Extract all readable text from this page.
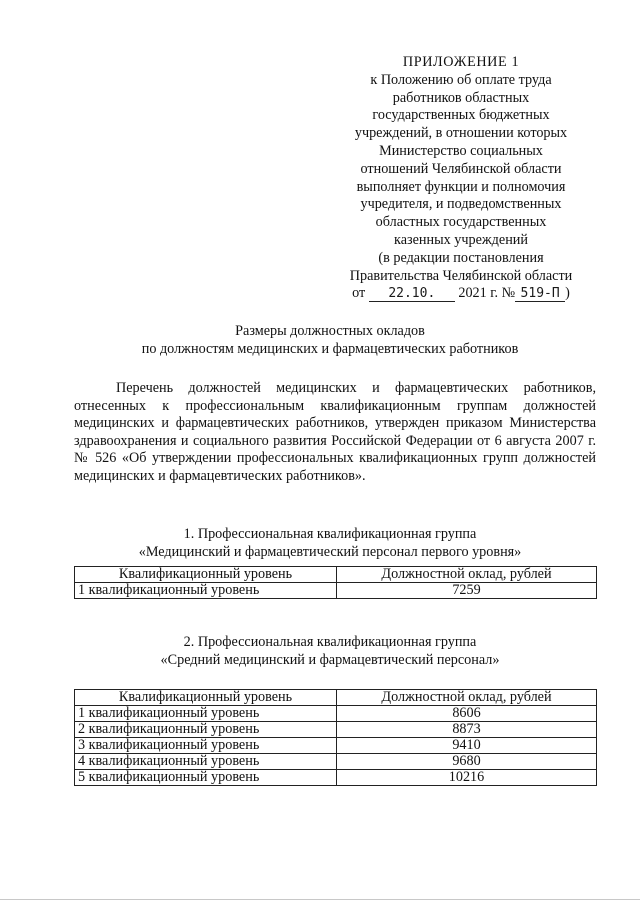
ПРИЛОЖЕНИЕ 1
к Положению об оплате труда
работников областных
государственных бюджетных
учреждений, в отношении которых
Министерство социальных
отношений Челябинской области
выполняет функции и полномочия
учредителя, и подведомственных
областных государственных
казенных учреждений
(в редакции постановления
Правительства Челябинской области
от 22.10. 2021 г. № 519-П )
Размеры должностных окладов
по должностям медицинских и фармацевтических работников
Перечень должностей медицинских и фармацевтических работников, отнесенных к профессиональным квалификационным группам должностей медицинских и фармацевтических работников, утвержден приказом Министерства здравоохранения и социального развития Российской Федерации от 6 августа 2007 г. № 526 «Об утверждении профессиональных квалификационных групп должностей медицинских и фармацевтических работников».
1. Профессиональная квалификационная группа
«Медицинский и фармацевтический персонал первого уровня»
Квалификационный уровень	Должностной оклад, рублей
1 квалификационный уровень	7259
2. Профессиональная квалификационная группа
«Средний медицинский и фармацевтический персонал»
Квалификационный уровень	Должностной оклад, рублей
1 квалификационный уровень	8606
2 квалификационный уровень	8873
3 квалификационный уровень	9410
4 квалификационный уровень	9680
5 квалификационный уровень	10216
